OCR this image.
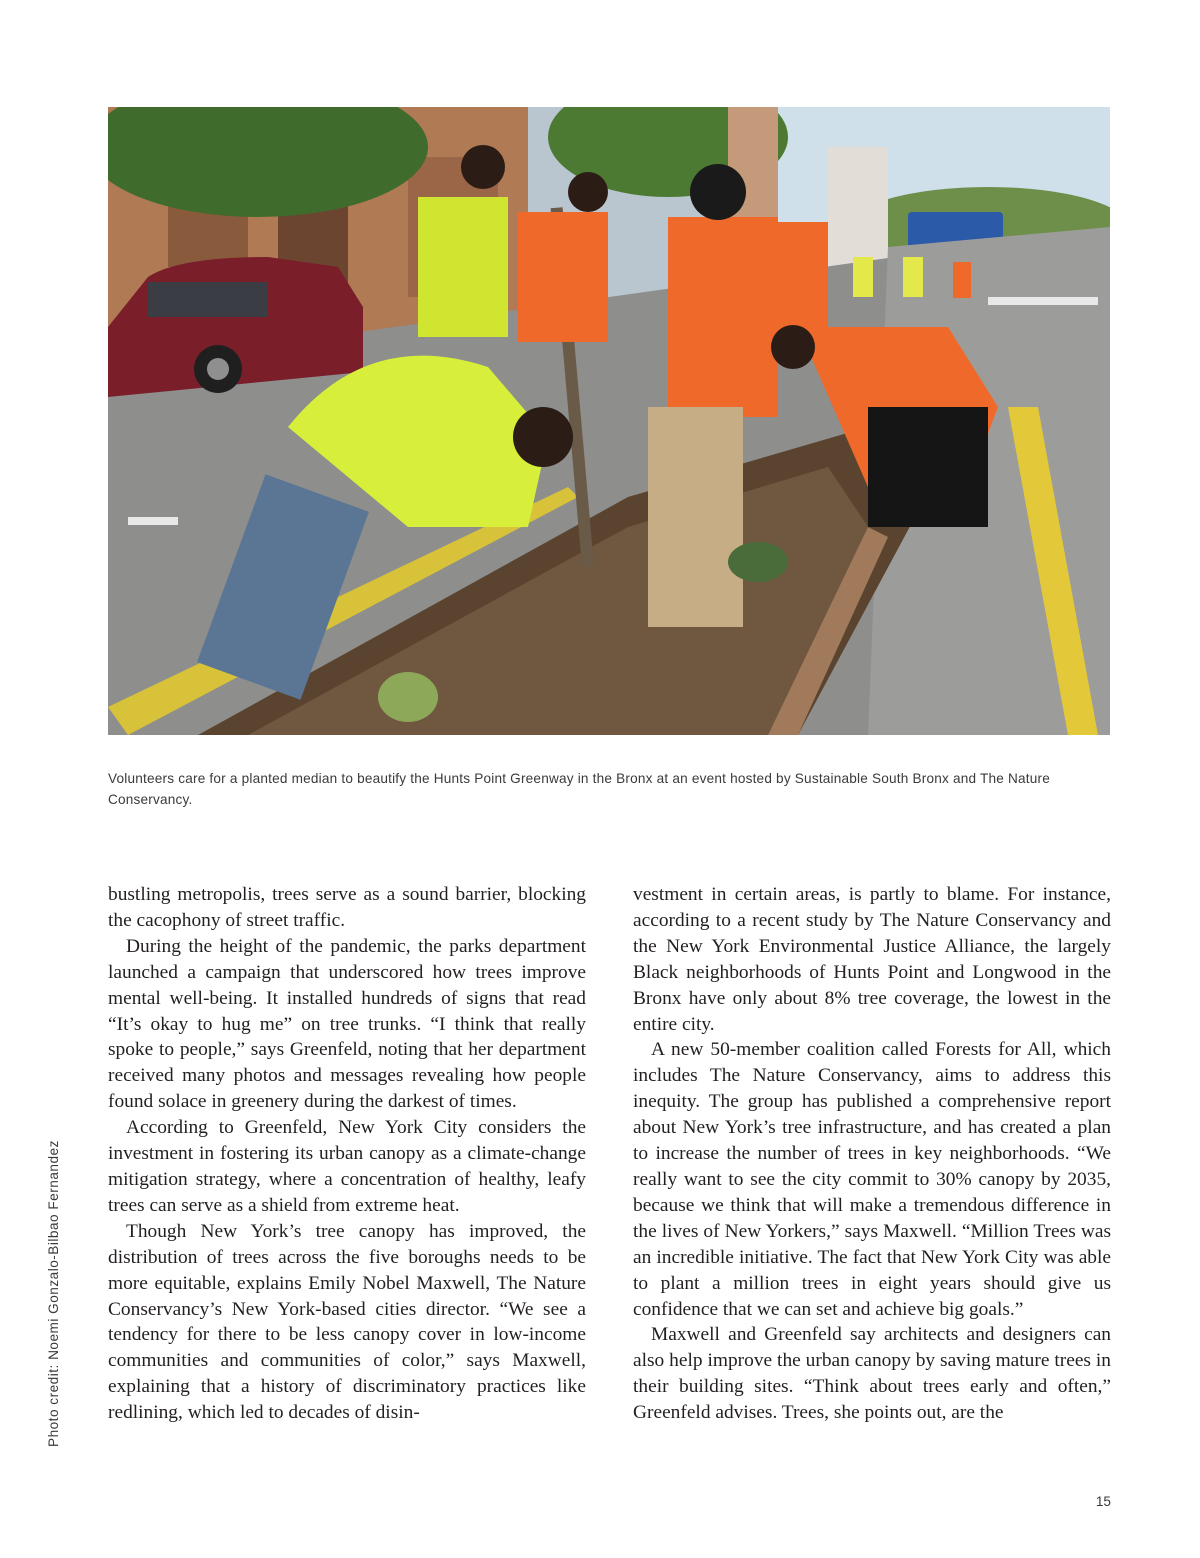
Volunteers care for a planted median to beautify the Hunts Point Greenway in the Bronx at an event hosted by Sustainable South Bronx and The Nature Conservancy.

bustling metropolis, trees serve as a sound barrier, blocking the cacophony of street traffic.

During the height of the pandemic, the parks department launched a campaign that underscored how trees improve mental well-being. It installed hundreds of signs that read “It’s okay to hug me” on tree trunks. “I think that really spoke to people,” says Greenfeld, noting that her department received many photos and messages revealing how people found solace in greenery during the darkest of times.

According to Greenfeld, New York City considers the investment in fostering its urban canopy as a climate-change mitigation strategy, where a concentration of healthy, leafy trees can serve as a shield from extreme heat.

Though New York’s tree canopy has improved, the distribution of trees across the five boroughs needs to be more equitable, explains Emily Nobel Maxwell, The Nature Conservancy’s New York-based cities director. “We see a tendency for there to be less canopy cover in low-income communities and communities of color,” says Maxwell, explaining that a history of discriminatory practices like redlining, which led to decades of disin-

vestment in certain areas, is partly to blame. For instance, according to a recent study by The Nature Conservancy and the New York Environmental Justice Alliance, the largely Black neighborhoods of Hunts Point and Longwood in the Bronx have only about 8% tree coverage, the lowest in the entire city.

A new 50-member coalition called Forests for All, which includes The Nature Conservancy, aims to address this inequity. The group has published a comprehensive report about New York’s tree infrastructure, and has created a plan to increase the number of trees in key neighborhoods. “We really want to see the city commit to 30% canopy by 2035, because we think that will make a tremendous difference in the lives of New Yorkers,” says Maxwell. “Million Trees was an incredible initiative. The fact that New York City was able to plant a million trees in eight years should give us confidence that we can set and achieve big goals.”

Maxwell and Greenfeld say architects and designers can also help improve the urban canopy by saving mature trees in their building sites. “Think about trees early and often,” Greenfeld advises. Trees, she points out, are the

Photo credit: Noemi Gonzalo-Bilbao Fernandez
15
